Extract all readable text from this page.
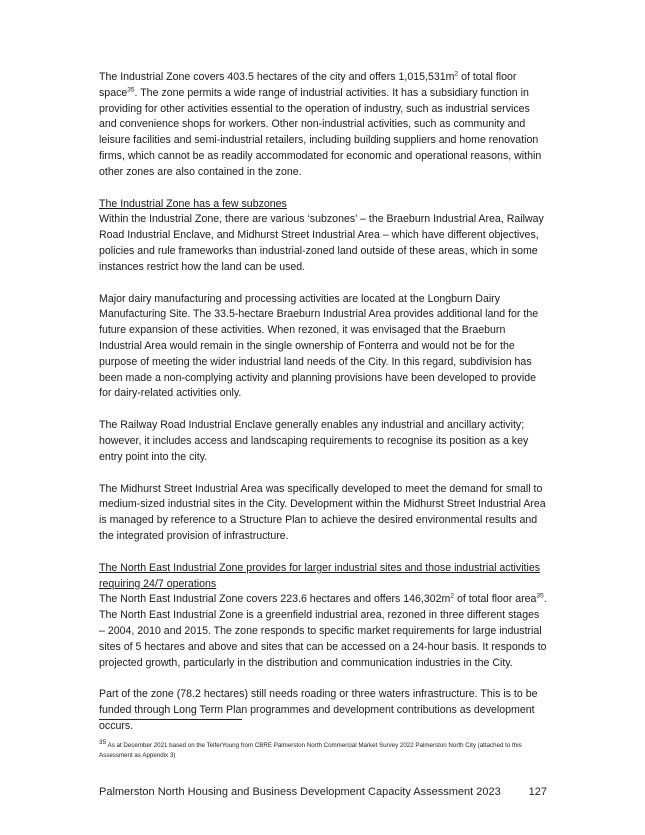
The Industrial Zone covers 403.5 hectares of the city and offers $1,015,531m^2$ of total floor space$^{35}$. The zone permits a wide range of industrial activities. It has a subsidiary function in providing for other activities essential to the operation of industry, such as industrial services and convenience shops for workers. Other non-industrial activities, such as community and leisure facilities and semi-industrial retailers, including building suppliers and home renovation firms, which cannot be as readily accommodated for economic and operational reasons, within other zones are also contained in the zone.

The Industrial Zone has a few subzones

Within the Industrial Zone, there are various ‘subzones’ – the Braeburn Industrial Area, Railway Road Industrial Enclave, and Midhurst Street Industrial Area – which have different objectives, policies and rule frameworks than industrial-zoned land outside of these areas, which in some instances restrict how the land can be used.

Major dairy manufacturing and processing activities are located at the Longburn Dairy Manufacturing Site. The 33.5-hectare Braeburn Industrial Area provides additional land for the future expansion of these activities. When rezoned, it was envisaged that the Braeburn Industrial Area would remain in the single ownership of Fonterra and would not be for the purpose of meeting the wider industrial land needs of the City. In this regard, subdivision has been made a non-complying activity and planning provisions have been developed to provide for dairy-related activities only.

The Railway Road Industrial Enclave generally enables any industrial and ancillary activity; however, it includes access and landscaping requirements to recognise its position as a key entry point into the city.

The Midhurst Street Industrial Area was specifically developed to meet the demand for small to medium-sized industrial sites in the City. Development within the Midhurst Street Industrial Area is managed by reference to a Structure Plan to achieve the desired environmental results and the integrated provision of infrastructure.

The North East Industrial Zone provides for larger industrial sites and those industrial activities requiring 24/7 operations

The North East Industrial Zone covers 223.6 hectares and offers $146,302m^2$ of total floor area$^{35}$. The North East Industrial Zone is a greenfield industrial area, rezoned in three different stages – 2004, 2010 and 2015. The zone responds to specific market requirements for large industrial sites of 5 hectares and above and sites that can be accessed on a 24-hour basis. It responds to projected growth, particularly in the distribution and communication industries in the City.

Part of the zone (78.2 hectares) still needs roading or three waters infrastructure. This is to be funded through Long Term Plan programmes and development contributions as development occurs.

$^{35}$ As at December 2021 based on the TelferYoung from CBRE Palmerston North Commercial Market Survey 2022 Palmerston North City (attached to this Assessment as Appendix 3)
Palmerston North Housing and Business Development Capacity Assessment 2023	127
